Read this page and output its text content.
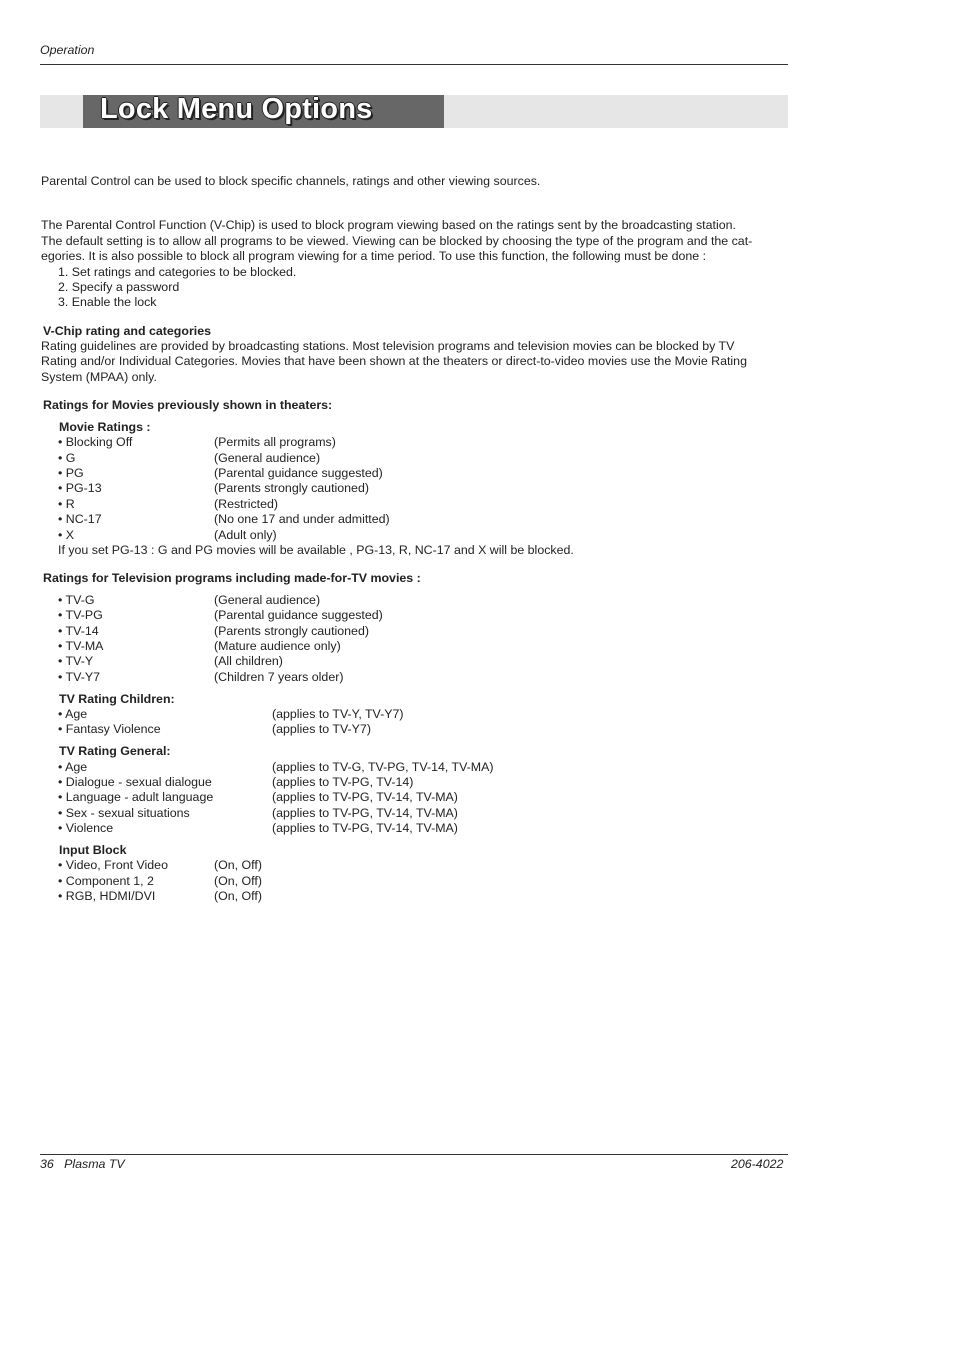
Operation
Lock Menu Options
Parental Control can be used to block specific channels, ratings and other viewing sources.
The Parental Control Function (V-Chip) is used to block program viewing based on the ratings sent by the broadcasting station.
The default setting is to allow all programs to be viewed. Viewing can be blocked by choosing the type of the program and the cat-
egories. It is also possible to block all program viewing for a time period. To use this function, the following must be done :
1. Set ratings and categories to be blocked.
2. Specify a password
3. Enable the lock
V-Chip rating and categories
Rating guidelines are provided by broadcasting stations. Most television programs and television movies can be blocked by TV
Rating and/or Individual Categories. Movies that have been shown at the theaters or direct-to-video movies use the Movie Rating
System (MPAA) only.
Ratings for Movies previously shown in theaters:
Movie Ratings :
• Blocking Off	(Permits all programs)
• G	(General audience)
• PG	(Parental guidance suggested)
• PG-13	(Parents strongly cautioned)
• R	(Restricted)
• NC-17	(No one 17 and under admitted)
• X	(Adult only)
If you set PG-13 : G and PG movies will be available , PG-13, R, NC-17 and X will be blocked.
Ratings for Television programs including made-for-TV movies :
• TV-G	(General audience)
• TV-PG	(Parental guidance suggested)
• TV-14	(Parents strongly cautioned)
• TV-MA	(Mature audience only)
• TV-Y	(All children)
• TV-Y7	(Children 7 years older)
TV Rating Children:
• Age	(applies to TV-Y, TV-Y7)
• Fantasy Violence	(applies to TV-Y7)
TV Rating General:
• Age	(applies to TV-G, TV-PG, TV-14, TV-MA)
• Dialogue - sexual dialogue	(applies to TV-PG, TV-14)
• Language - adult language	(applies to TV-PG, TV-14, TV-MA)
• Sex - sexual situations	(applies to TV-PG, TV-14, TV-MA)
• Violence	(applies to TV-PG, TV-14, TV-MA)
Input Block
• Video, Front Video	(On, Off)
• Component 1, 2	(On, Off)
• RGB, HDMI/DVI	(On, Off)
36   Plasma TV	206-4022
